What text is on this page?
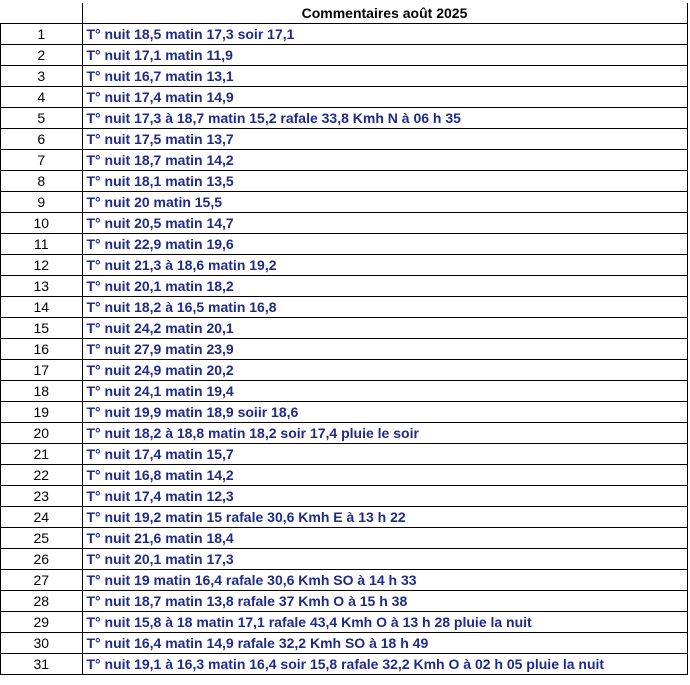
	Commentaires août 2025
1	T° nuit 18,5 matin 17,3 soir 17,1
2	T° nuit 17,1 matin 11,9
3	T° nuit 16,7 matin 13,1
4	T° nuit 17,4 matin 14,9
5	T° nuit 17,3 à 18,7 matin 15,2 rafale 33,8 Kmh N à 06 h 35
6	T° nuit 17,5 matin 13,7
7	T° nuit 18,7 matin 14,2
8	T° nuit 18,1 matin 13,5
9	T° nuit 20 matin 15,5
10	T° nuit 20,5 matin 14,7
11	T° nuit 22,9 matin 19,6
12	T° nuit 21,3 à 18,6 matin 19,2
13	T° nuit 20,1 matin 18,2
14	T° nuit 18,2 à 16,5 matin 16,8
15	T° nuit 24,2 matin 20,1
16	T° nuit 27,9 matin 23,9
17	T° nuit 24,9 matin 20,2
18	T° nuit 24,1 matin 19,4
19	T° nuit 19,9 matin 18,9 soiir 18,6
20	T° nuit 18,2 à 18,8 matin 18,2 soir 17,4 pluie le soir
21	T° nuit 17,4 matin 15,7
22	T° nuit 16,8 matin 14,2
23	T° nuit 17,4 matin 12,3
24	T° nuit 19,2 matin 15 rafale 30,6 Kmh E à 13 h 22
25	T° nuit 21,6 matin 18,4
26	T° nuit 20,1 matin 17,3
27	T° nuit 19 matin 16,4 rafale 30,6 Kmh SO à 14 h 33
28	T° nuit 18,7 matin 13,8 rafale 37 Kmh O à 15 h 38
29	T° nuit 15,8 à 18 matin 17,1 rafale 43,4 Kmh O à 13 h 28 pluie la nuit
30	T° nuit 16,4 matin 14,9 rafale 32,2 Kmh SO à 18 h 49
31	T° nuit 19,1 à 16,3 matin 16,4 soir 15,8 rafale 32,2 Kmh O à 02 h 05 pluie la nuit
